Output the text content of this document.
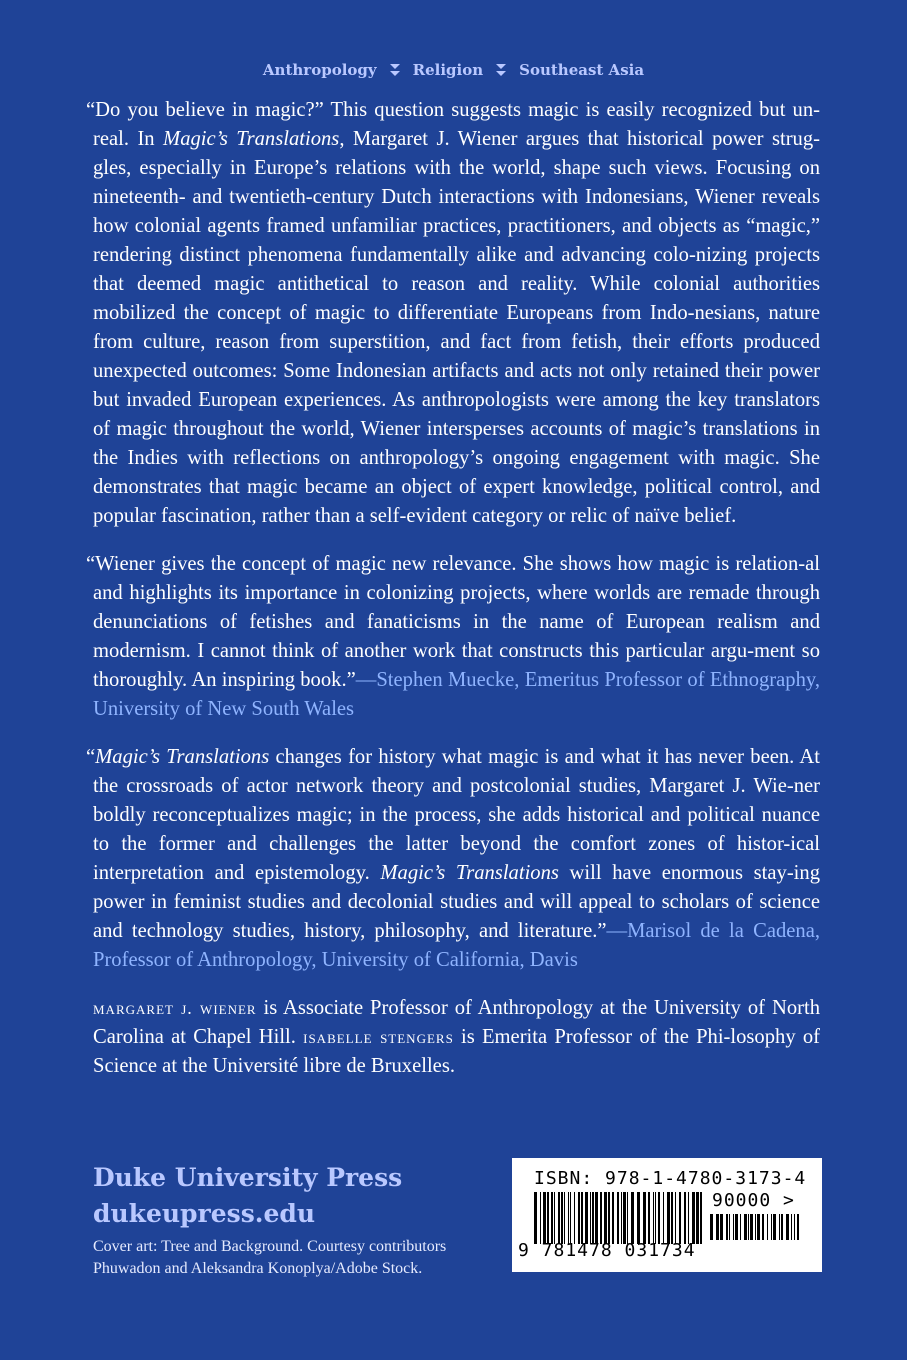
Anthropology	Religion	Southeast Asia

“Do you believe in magic?” This question suggests magic is easily recognized but un-real. In Magic’s Translations, Margaret J. Wiener argues that historical power strug-gles, especially in Europe’s relations with the world, shape such views. Focusing on nineteenth- and twentieth-century Dutch interactions with Indonesians, Wiener reveals how colonial agents framed unfamiliar practices, practitioners, and objects as “magic,” rendering distinct phenomena fundamentally alike and advancing colo-nizing projects that deemed magic antithetical to reason and reality. While colonial authorities mobilized the concept of magic to differentiate Europeans from Indo-nesians, nature from culture, reason from superstition, and fact from fetish, their efforts produced unexpected outcomes: Some Indonesian artifacts and acts not only retained their power but invaded European experiences. As anthropologists were among the key translators of magic throughout the world, Wiener intersperses accounts of magic’s translations in the Indies with reflections on anthropology’s ongoing engagement with magic. She demonstrates that magic became an object of expert knowledge, political control, and popular fascination, rather than a self-evident category or relic of naïve belief.

“Wiener gives the concept of magic new relevance. She shows how magic is relation-al and highlights its importance in colonizing projects, where worlds are remade through denunciations of fetishes and fanaticisms in the name of European realism and modernism. I cannot think of another work that constructs this particular argu-ment so thoroughly. An inspiring book.”—Stephen Muecke, Emeritus Professor of Ethnography, University of New South Wales

“Magic’s Translations changes for history what magic is and what it has never been. At the crossroads of actor network theory and postcolonial studies, Margaret J. Wie-ner boldly reconceptualizes magic; in the process, she adds historical and political nuance to the former and challenges the latter beyond the comfort zones of histor-ical interpretation and epistemology. Magic’s Translations will have enormous stay-ing power in feminist studies and decolonial studies and will appeal to scholars of science and technology studies, history, philosophy, and literature.”—Marisol de la Cadena, Professor of Anthropology, University of California, Davis

margaret j. wiener is Associate Professor of Anthropology at the University of North Carolina at Chapel Hill. isabelle stengers is Emerita Professor of the Phi-losophy of Science at the Université libre de Bruxelles.

Duke University Press
dukeupress.edu
Cover art: Tree and Background. Courtesy contributors Phuwadon and Aleksandra Konoplya/Adobe Stock.
ISBN: 978-1-4780-3173-4
90000 >
9 781478 031734
